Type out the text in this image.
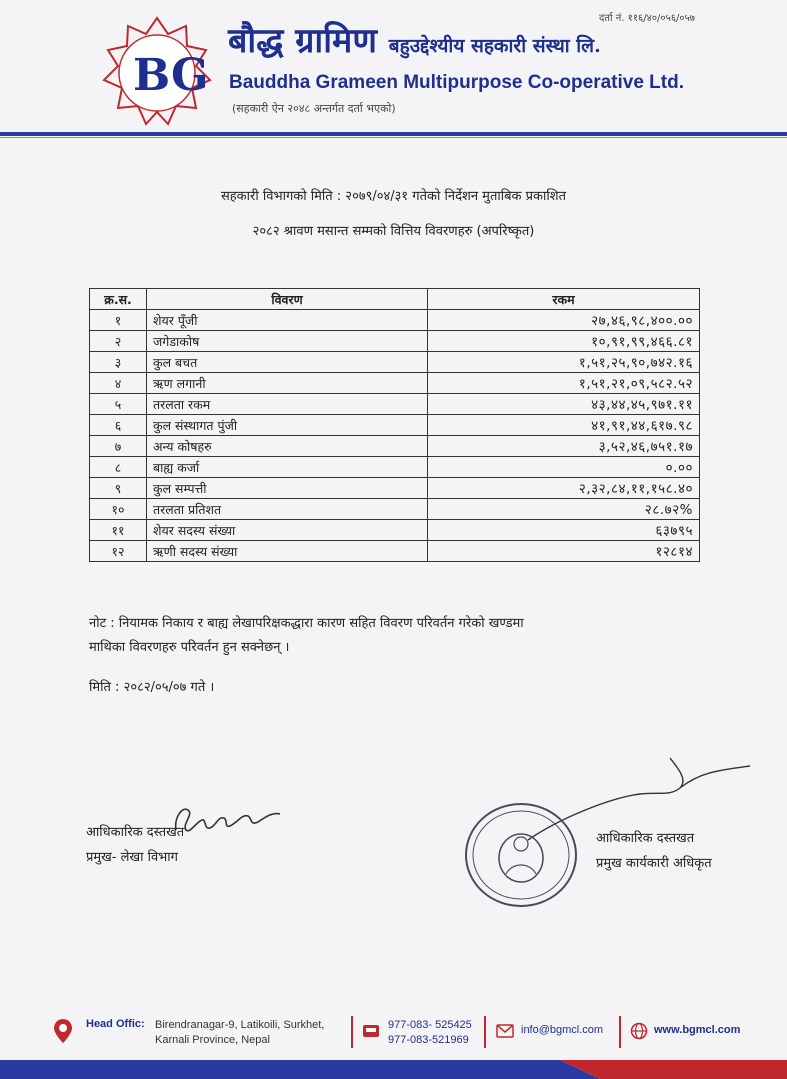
दर्ता नं. ११६/४०/०५६/०५७
BG
बौद्ध ग्रामिण बहुउद्देश्यीय सहकारी संस्था लि.
Bauddha Grameen Multipurpose Co-operative Ltd.
(सहकारी ऐन २०४८ अन्तर्गत दर्ता भएको)
सहकारी विभागको मिति : २०७९/०४/३१ गतेको निर्देशन मुताबिक प्रकाशित
२०८२ श्रावण मसान्त सम्मको वित्तिय विवरणहरु (अपरिष्कृत)
क्र.स.	विवरण	रकम
१	शेयर पूँजी	२७,४६,९८,४००.००
२	जगेडाकोष	१०,९१,९९,४६६.८१
३	कुल बचत	१,५१,२५,९०,७४२.१६
४	ऋण लगानी	१,५१,२१,०९,५८२.५२
५	तरलता रकम	४३,४४,४५,९७१.११
६	कुल संस्थागत पुंजी	४१,९१,४४,६१७.९८
७	अन्य कोषहरु	३,५२,४६,७५१.१७
८	बाह्य कर्जा	०.००
९	कुल सम्पत्ती	२,३२,८४,११,१५८.४०
१०	तरलता प्रतिशत	२८.७२%
११	शेयर सदस्य संख्या	६३७९५
१२	ऋणी सदस्य संख्या	१२८१४
नोट : नियामक निकाय र बाह्य लेखापरिक्षकद्धारा कारण सहित विवरण परिवर्तन गरेको खण्डमा
माथिका विवरणहरु परिवर्तन हुन सक्नेछन् ।
मिति : २०८२/०५/०७ गते ।
आधिकारिक दस्तखत
प्रमुख- लेखा विभाग
आधिकारिक दस्तखत
प्रमुख कार्यकारी अधिकृत
Head Offic: Birendranagar-9, Latikoili, Surkhet,
Karnali Province, Nepal
977-083- 525425
977-083-521969
info@bgmcl.com	www.bgmcl.com
